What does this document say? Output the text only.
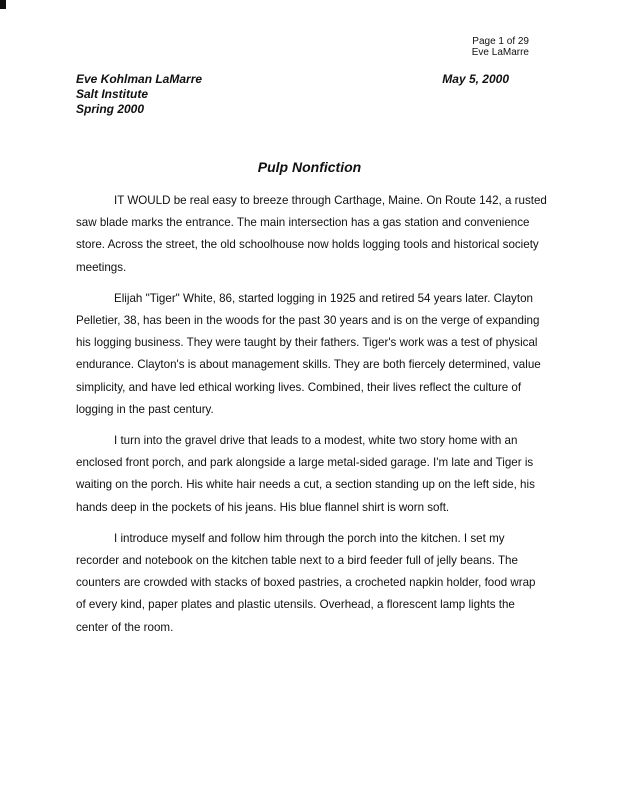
Page 1 of 29
Eve LaMarre
Eve Kohlman LaMarre
Salt Institute
Spring 2000
May 5, 2000
Pulp Nonfiction

IT WOULD be real easy to breeze through Carthage, Maine. On Route 142, a rusted saw blade marks the entrance. The main intersection has a gas station and convenience store. Across the street, the old schoolhouse now holds logging tools and historical society meetings.

Elijah "Tiger" White, 86, started logging in 1925 and retired 54 years later. Clayton Pelletier, 38, has been in the woods for the past 30 years and is on the verge of expanding his logging business. They were taught by their fathers. Tiger's work was a test of physical endurance. Clayton's is about management skills. They are both fiercely determined, value simplicity, and have led ethical working lives. Combined, their lives reflect the culture of logging in the past century.

I turn into the gravel drive that leads to a modest, white two story home with an enclosed front porch, and park alongside a large metal-sided garage. I'm late and Tiger is waiting on the porch. His white hair needs a cut, a section standing up on the left side, his hands deep in the pockets of his jeans. His blue flannel shirt is worn soft.

I introduce myself and follow him through the porch into the kitchen. I set my recorder and notebook on the kitchen table next to a bird feeder full of jelly beans. The counters are crowded with stacks of boxed pastries, a crocheted napkin holder, food wrap of every kind, paper plates and plastic utensils. Overhead, a florescent lamp lights the center of the room.
